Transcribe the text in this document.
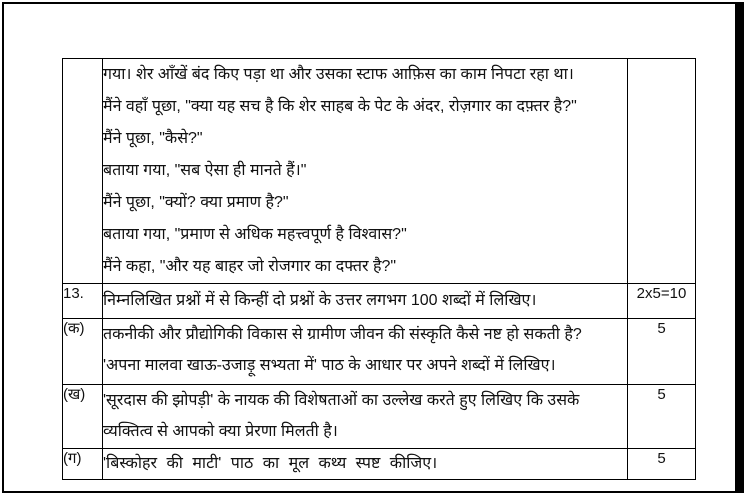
गया। शेर आँखें बंद किए पड़ा था और उसका स्टाफ आफ़िस का काम निपटा रहा था।
मैंने वहाँ पूछा, "क्या यह सच है कि शेर साहब के पेट के अंदर, रोज़गार का दफ़्तर है?"
मैंने पूछा, "कैसे?"
बताया गया, "सब ऐसा ही मानते हैं।"
मैंने पूछा, "क्यों? क्या प्रमाण है?"
बताया गया, "प्रमाण से अधिक महत्त्वपूर्ण है विश्वास?"
मैंने कहा, "और यह बाहर जो रोजगार का दफ्तर है?"

13.	निम्नलिखित प्रश्नों में से किन्हीं दो प्रश्नों के उत्तर लगभग 100 शब्दों में लिखिए।	2x5=10
(क)	तकनीकी और प्रौद्योगिकी विकास से ग्रामीण जीवन की संस्कृति कैसे नष्ट हो सकती है?
'अपना मालवा खाऊ-उजाड़ू सभ्यता में' पाठ के आधार पर अपने शब्दों में लिखिए।	5
(ख)	'सूरदास की झोपड़ी' के नायक की विशेषताओं का उल्लेख करते हुए लिखिए कि उसके
व्यक्तित्व से आपको क्या प्रेरणा मिलती है।	5
(ग)	'बिस्कोहर की माटी' पाठ का मूल कथ्य स्पष्ट कीजिए।	5
